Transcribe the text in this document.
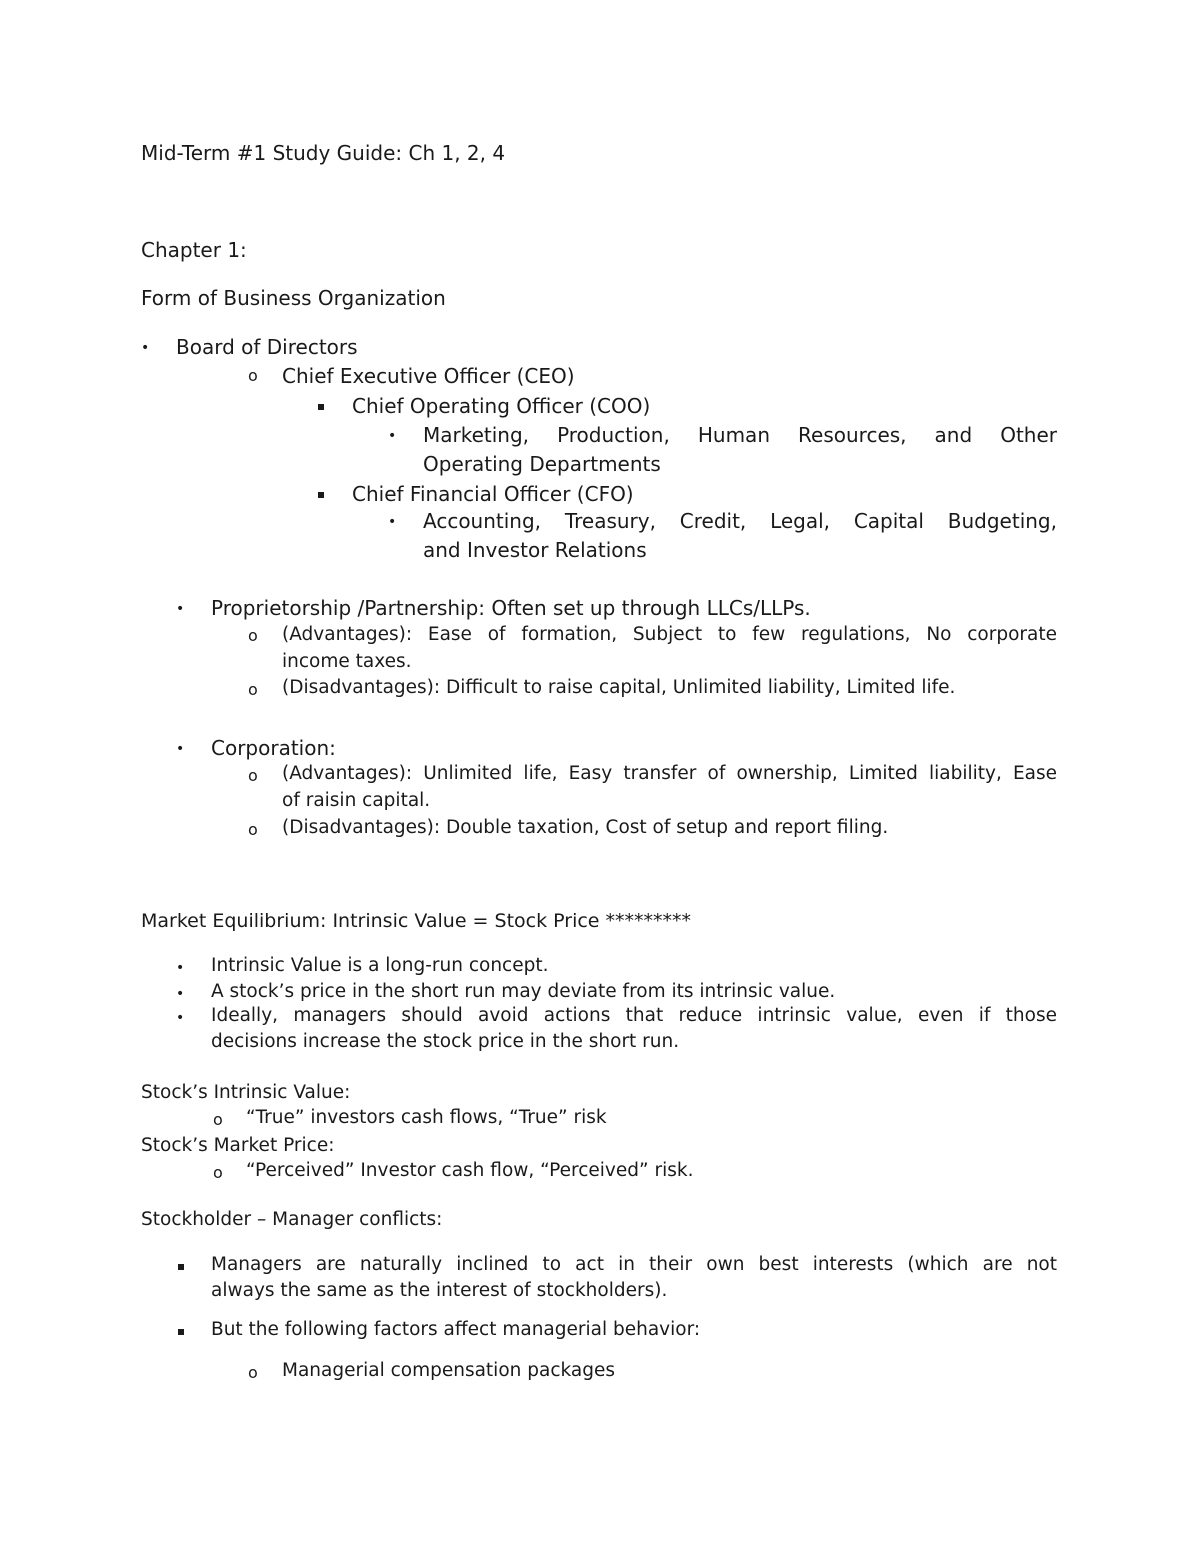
Mid-Term #1 Study Guide: Ch 1, 2, 4
Chapter 1:
Form of Business Organization
• Board of Directors
o Chief Executive Officer (CEO)
Chief Operating Officer (COO)
• Marketing, Production, Human Resources, and Other
Operating Departments
Chief Financial Officer (CFO)
• Accounting, Treasury, Credit, Legal, Capital Budgeting,
and Investor Relations
• Proprietorship /Partnership: Often set up through LLCs/LLPs.
o (Advantages): Ease of formation, Subject to few regulations, No corporate
income taxes.
o (Disadvantages): Difficult to raise capital, Unlimited liability, Limited life.
• Corporation:
o (Advantages): Unlimited life, Easy transfer of ownership, Limited liability, Ease
of raisin capital.
o (Disadvantages): Double taxation, Cost of setup and report filing.
Market Equilibrium: Intrinsic Value = Stock Price *********
• Intrinsic Value is a long-run concept.
• A stock’s price in the short run may deviate from its intrinsic value.
• Ideally, managers should avoid actions that reduce intrinsic value, even if those
decisions increase the stock price in the short run.
Stock’s Intrinsic Value:
o “True” investors cash flows, “True” risk
Stock’s Market Price:
o “Perceived” Investor cash flow, “Perceived” risk.
Stockholder – Manager conflicts:
Managers are naturally inclined to act in their own best interests (which are not
always the same as the interest of stockholders).
But the following factors affect managerial behavior:
o Managerial compensation packages
